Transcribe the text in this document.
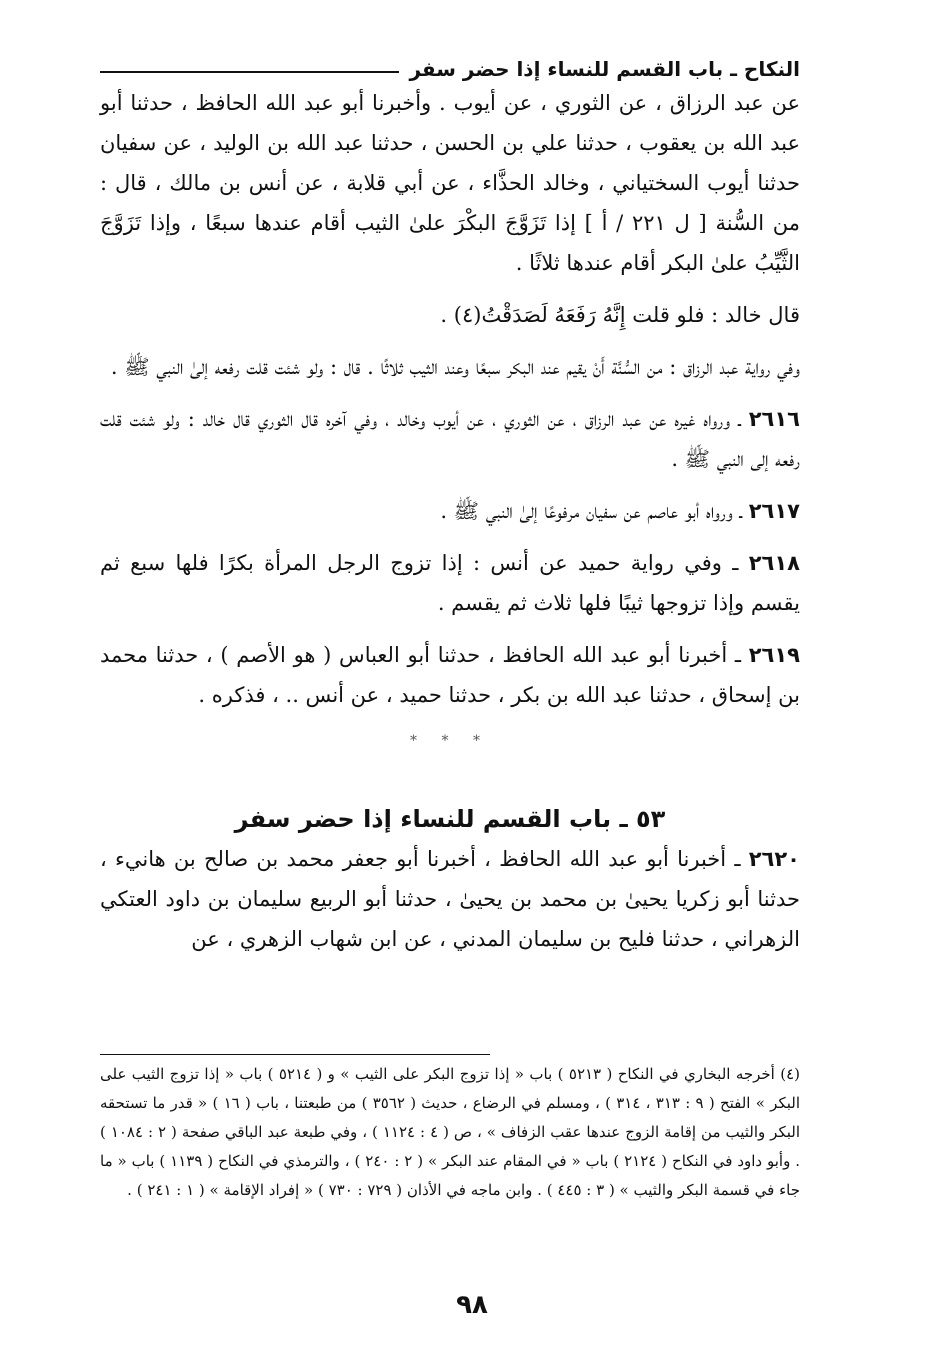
النكاح ـ باب القسم للنساء إذا حضر سفر

عن عبد الرزاق ، عن الثوري ، عن أيوب . وأخبرنا أبو عبد الله الحافظ ، حدثنا أبو عبد الله بن يعقوب ، حدثنا علي بن الحسن ، حدثنا عبد الله بن الوليد ، عن سفيان حدثنا أيوب السختياني ، وخالد الحذَّاء ، عن أبي قلابة ، عن أنس بن مالك ، قال : من السُّنة [ ل ٢٢١ / أ ] إذا تَزَوَّجَ البكْرَ علىٰ الثيب أقام عندها سبعًا ، وإذا تَزَوَّجَ الثَّيِّبُ علىٰ البكر أقام عندها ثلاثًا .

قال خالد : فلو قلت إِنَّهُ رَفَعَهُ لَصَدَقْتُ(٤) .

وفي رواية عبد الرزاق : من السُّنَّة أَنْ يقيم عند البكر سبعًا وعند الثيب ثلاثًا . قال : ولو شئت قلت رفعه إلىٰ النبي ﷺ .

٢٦١٦ ـ ورواه غيره عن عبد الرزاق ، عن الثوري ، عن أيوب وخالد ، وفي آخره قال الثوري قال خالد : ولو شئت قلت رفعه إلى النبي ﷺ .

٢٦١٧ ـ ورواه أبو عاصم عن سفيان مرفوعًا إلىٰ النبي ﷺ .

٢٦١٨ ـ وفي رواية حميد عن أنس : إذا تزوج الرجل المرأة بكرًا فلها سبع ثم يقسم وإذا تزوجها ثيبًا فلها ثلاث ثم يقسم .

٢٦١٩ ـ أخبرنا أبو عبد الله الحافظ ، حدثنا أبو العباس ( هو الأصم ) ، حدثنا محمد بن إسحاق ، حدثنا عبد الله بن بكر ، حدثنا حميد ، عن أنس .. ، فذكره .

* * *
٥٣ ـ باب القسم للنساء إذا حضر سفر

٢٦٢٠ ـ أخبرنا أبو عبد الله الحافظ ، أخبرنا أبو جعفر محمد بن صالح بن هانيء ، حدثنا أبو زكريا يحيىٰ بن محمد بن يحيىٰ ، حدثنا أبو الربيع سليمان بن داود العتكي الزهراني ، حدثنا فليح بن سليمان المدني ، عن ابن شهاب الزهري ، عن

(٤) أخرجه البخاري في النكاح ( ٥٢١٣ ) باب « إذا تزوج البكر على الثيب » و ( ٥٢١٤ ) باب « إذا تزوج الثيب على البكر » الفتح ( ٩ : ٣١٣ ، ٣١٤ ) ، ومسلم في الرضاع ، حديث ( ٣٥٦٢ ) من طبعتنا ، باب ( ١٦ ) « قدر ما تستحقه البكر والثيب من إقامة الزوج عندها عقب الزفاف » ، ص ( ٤ : ١١٢٤ ) ، وفي طبعة عبد الباقي صفحة ( ٢ : ١٠٨٤ ) . وأبو داود في النكاح ( ٢١٢٤ ) باب « في المقام عند البكر » ( ٢ : ٢٤٠ ) ، والترمذي في النكاح ( ١١٣٩ ) باب « ما جاء في قسمة البكر والثيب » ( ٣ : ٤٤٥ ) . وابن ماجه في الأذان ( ٧٢٩ : ٧٣٠ ) « إفراد الإقامة » ( ١ : ٢٤١ ) .
٩٨
